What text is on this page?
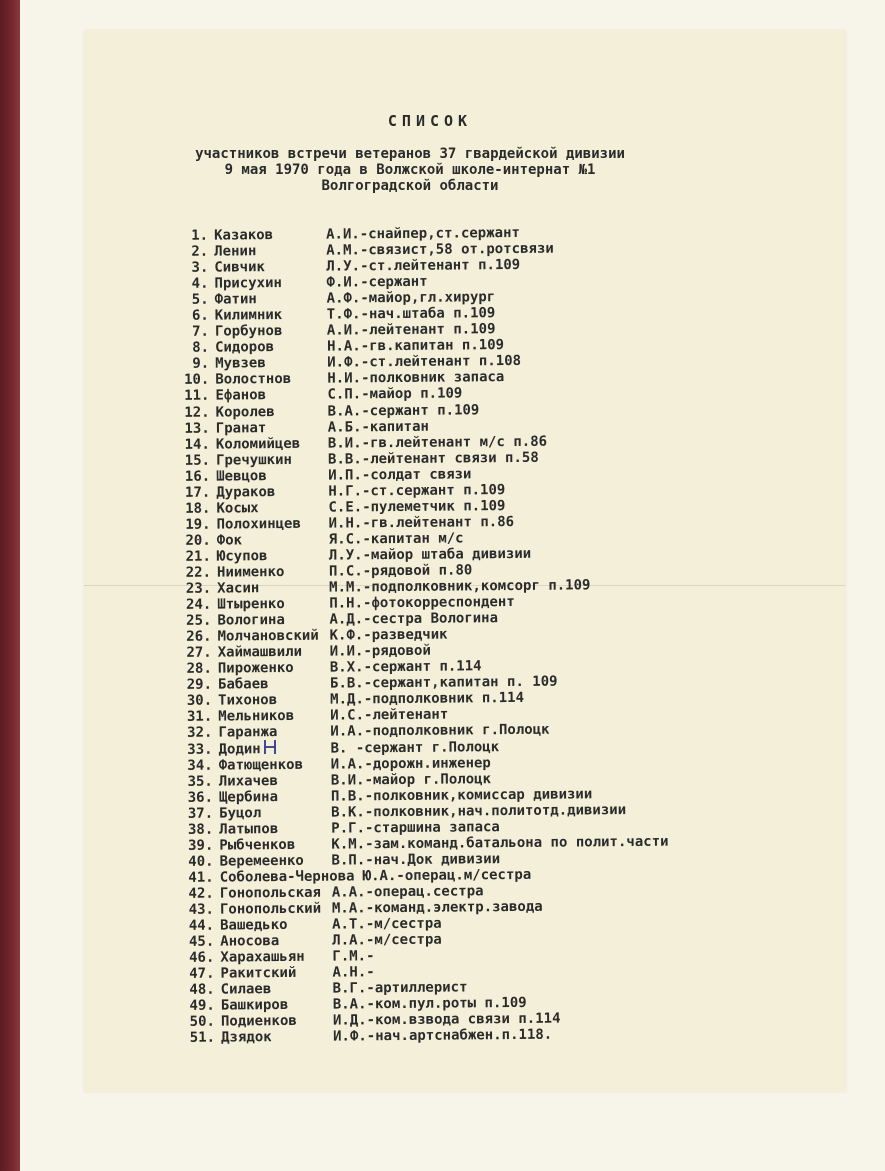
СПИСОК
участников встречи ветеранов 37 гвардейской дивизии
9 мая 1970 года в Волжской школе-интернат №1
Волгоградской области
1. Казаков	А.И.-снайпер,ст.сержант
2. Ленин	А.М.-связист,58 от.ротсвязи
3. Сивчик	Л.У.-ст.лейтенант п.109
4. Присухин	Ф.И.-сержант
5. Фатин	А.Ф.-майор,гл.хирург
6. Килимник	Т.Ф.-нач.штаба п.109
7. Горбунов	А.И.-лейтенант п.109
8. Сидоров	Н.А.-гв.капитан п.109
9. Мувзев	И.Ф.-ст.лейтенант п.108
10. Волостнов	Н.И.-полковник запаса
11. Ефанов	С.П.-майор п.109
12. Королев	В.А.-сержант п.109
13. Гранат	А.Б.-капитан
14. Коломийцев В.И.-гв.лейтенант м/с п.86
15. Гречушкин	В.В.-лейтенант связи п.58
16. Шевцов	И.П.-солдат связи
17. Дураков	Н.Г.-ст.сержант п.109
18. Косых	С.Е.-пулеметчик п.109
19. Полохинцев И.Н.-гв.лейтенант п.86
20. Фок	Я.С.-капитан м/с
21. Юсупов	Л.У.-майор штаба дивизии
22. Ниименко	П.С.-рядовой п.80
23. Хасин	М.М.-подполковник,комсорг п.109
24. Штыренко	П.Н.-фотокорреспондент
25. Вологина	А.Д.-сестра Вологина
26. Молчановский К.Ф.-разведчик
27. Хаймашвили И.И.-рядовой
28. Пироженко	В.Х.-сержант п.114
29. Бабаев	Б.В.-сержант,капитан п. 109
30. Тихонов	М.Д.-подполковник п.114
31. Мельников	И.С.-лейтенант
32. Гаранжа	И.А.-подполковник г.Полоцк
33. Додин	В. -сержант г.Полоцк
34. Фатющенков И.А.-дорожн.инженер
35. Лихачев	В.И.-майор г.Полоцк
36. Щербина	П.В.-полковник,комиссар дивизии
37. Буцол	В.К.-полковник,нач.политотд.дивизии
38. Латыпов	Р.Г.-старшина запаса
39. Рыбченков	К.М.-зам.команд.батальона по полит.части
40. Веремеенко В.П.-нач.Док дивизии
41. Соболева-Чернова Ю.А.-операц.м/сестра
42. Гонопольская А.А.-операц.сестра
43. Гонопольский М.А.-команд.электр.завода
44. Вашедько	А.Т.-м/сестра
45. Аносова	Л.А.-м/сестра
46. Харахашьян Г.М.-
47. Ракитский	А.Н.-
48. Силаев	В.Г.-артиллерист
49. Башкиров	В.А.-ком.пул.роты п.109
50. Подиенков	И.Д.-ком.взвода связи п.114
51. Дзядок	И.Ф.-нач.артснабжен.п.118.
